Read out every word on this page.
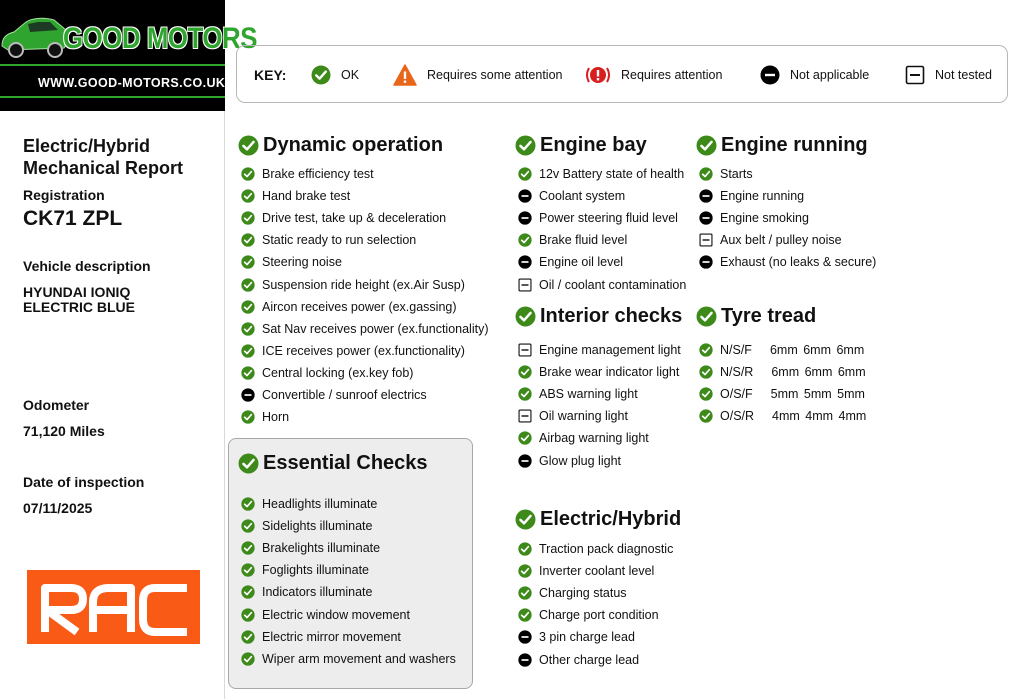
GOOD MOTORS
WWW.GOOD-MOTORS.CO.UK
Electric/Hybrid
Mechanical Report
Registration
CK71 ZPL
Vehicle description
HYUNDAI IONIQ ELECTRIC BLUE
Odometer
71,120 Miles
Date of inspection
07/11/2025
KEY:	OK	Requires some attention	Requires attention	Not applicable	Not tested
Dynamic operation
Essential Checks
Engine bay
Interior checks
Electric/Hybrid
Engine running
Tyre tread
Brake efficiency test
Hand brake test
Drive test, take up & deceleration
Static ready to run selection
Steering noise
Suspension ride height (ex.Air Susp)
Aircon receives power (ex.gassing)
Sat Nav receives power (ex.functionality)
ICE receives power (ex.functionality)
Central locking (ex.key fob)
Convertible / sunroof electrics
Horn
Headlights illuminate
Sidelights illuminate
Brakelights illuminate
Foglights illuminate
Indicators illuminate
Electric window movement
Electric mirror movement
Wiper arm movement and washers
12v Battery state of health
Coolant system
Power steering fluid level
Brake fluid level
Engine oil level
Oil / coolant contamination
Engine management light
Brake wear indicator light
ABS warning light
Oil warning light
Airbag warning light
Glow plug light
Traction pack diagnostic
Inverter coolant level
Charging status
Charge port condition
3 pin charge lead
Other charge lead
Starts
Engine running
Engine smoking
Aux belt / pulley noise
Exhaust (no leaks & secure)
N/S/F 6mm 6mm 6mm
N/S/R 6mm 6mm 6mm
O/S/F 5mm 5mm 5mm
O/S/R 4mm 4mm 4mm
